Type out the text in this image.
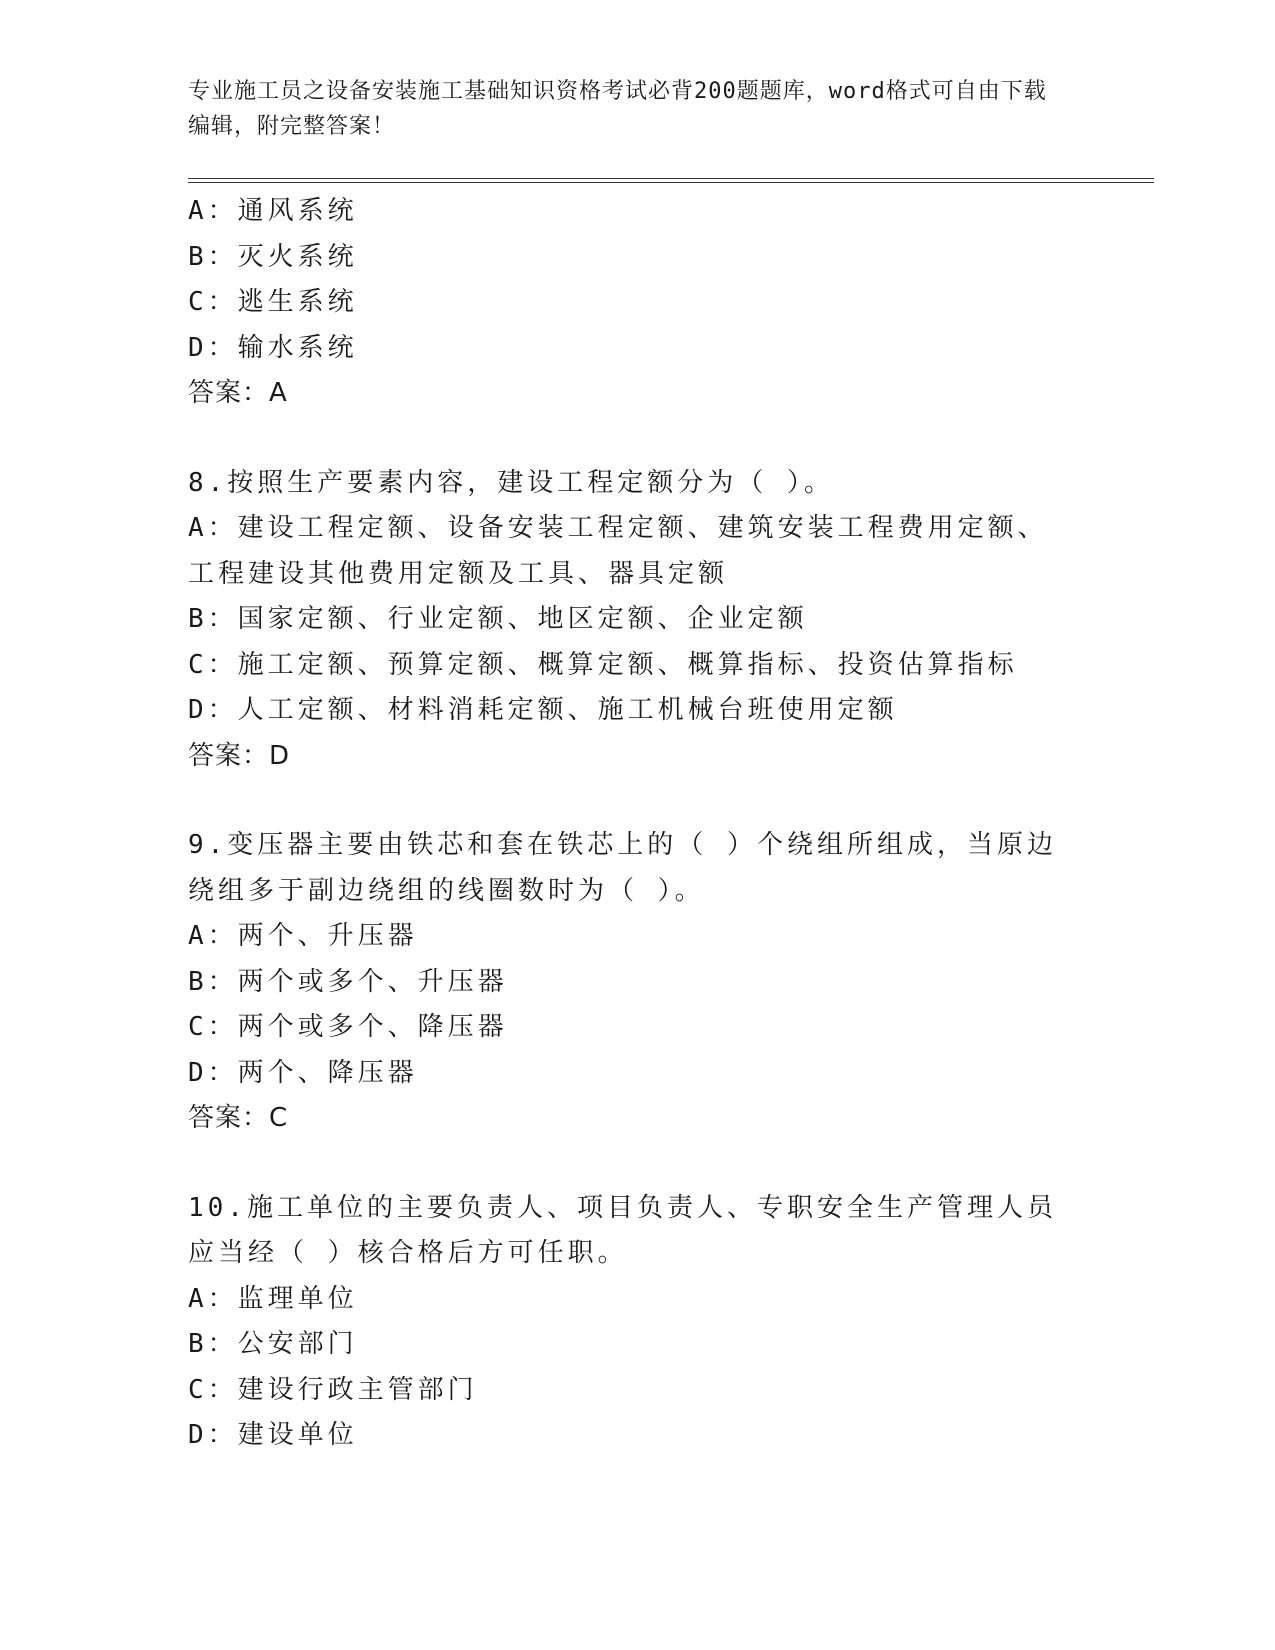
专业施工员之设备安装施工基础知识资格考试必背200题题库，word格式可自由下载编辑，附完整答案！
A：通风系统
B：灭火系统
C：逃生系统
D：输水系统
答案：A
8.按照生产要素内容，建设工程定额分为（ ）。
A：建设工程定额、设备安装工程定额、建筑安装工程费用定额、工程建设其他费用定额及工具、器具定额
B：国家定额、行业定额、地区定额、企业定额
C：施工定额、预算定额、概算定额、概算指标、投资估算指标
D：人工定额、材料消耗定额、施工机械台班使用定额
答案：D
9.变压器主要由铁芯和套在铁芯上的（ ）个绕组所组成，当原边绕组多于副边绕组的线圈数时为（ ）。
A：两个、升压器
B：两个或多个、升压器
C：两个或多个、降压器
D：两个、降压器
答案：C
10.施工单位的主要负责人、项目负责人、专职安全生产管理人员应当经（ ）核合格后方可任职。
A：监理单位
B：公安部门
C：建设行政主管部门
D：建设单位
